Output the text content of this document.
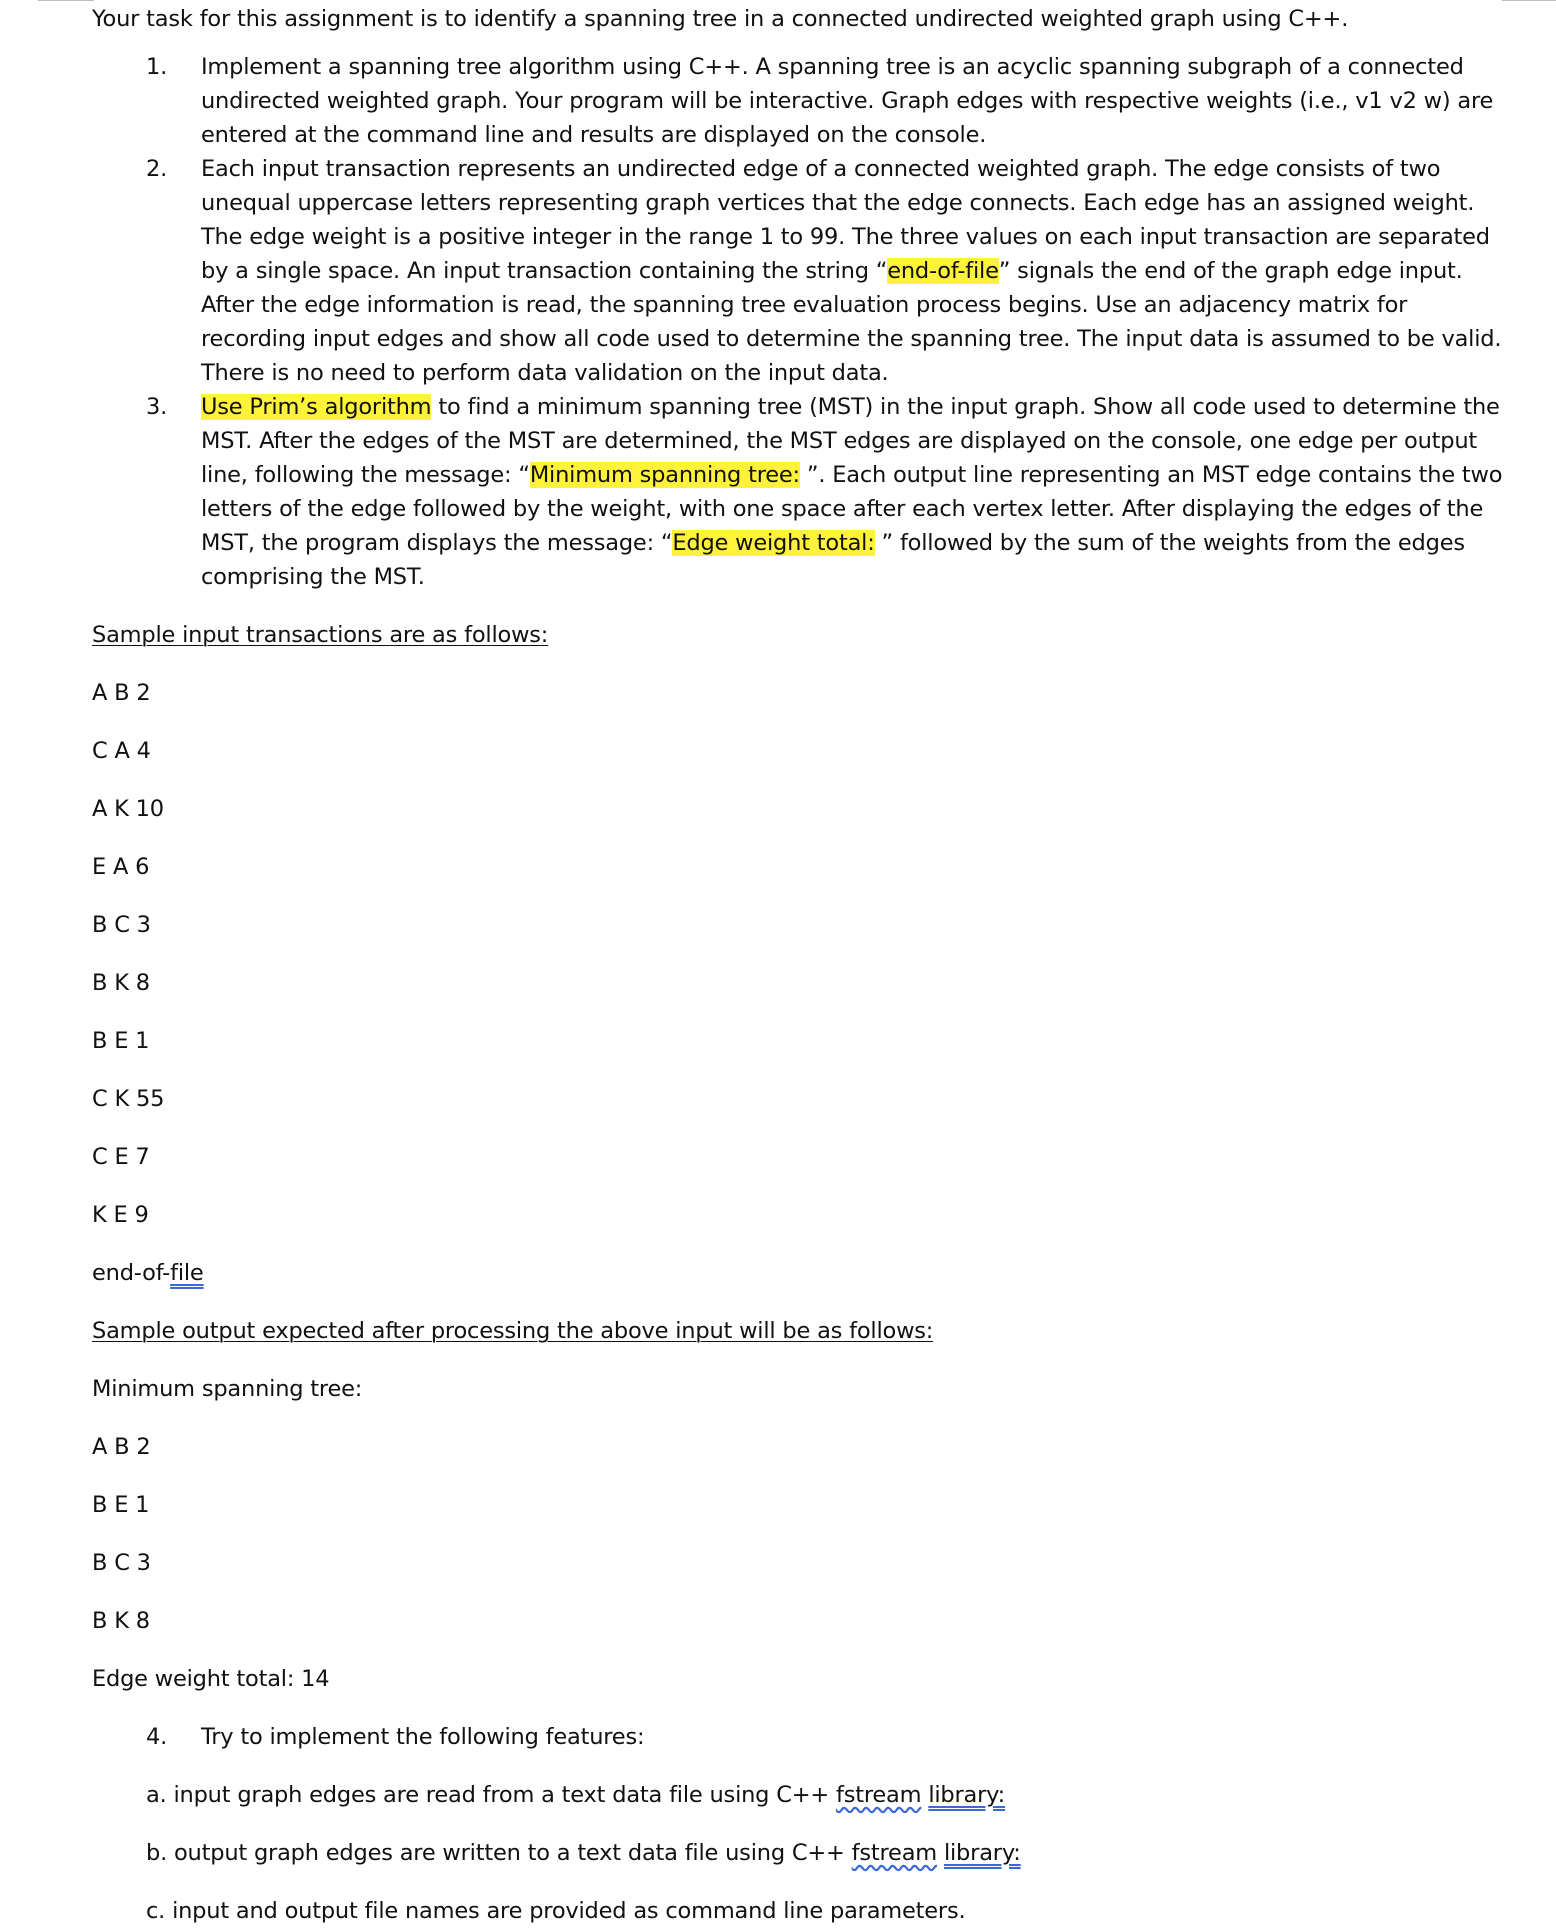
Your task for this assignment is to identify a spanning tree in a connected undirected weighted graph using C++.
1. Implement a spanning tree algorithm using C++. A spanning tree is an acyclic spanning subgraph of a connected undirected weighted graph. Your program will be interactive. Graph edges with respective weights (i.e., v1 v2 w) are entered at the command line and results are displayed on the console.
2. Each input transaction represents an undirected edge of a connected weighted graph. The edge consists of two unequal uppercase letters representing graph vertices that the edge connects. Each edge has an assigned weight. The edge weight is a positive integer in the range 1 to 99. The three values on each input transaction are separated by a single space. An input transaction containing the string “end-of-file” signals the end of the graph edge input. After the edge information is read, the spanning tree evaluation process begins. Use an adjacency matrix for recording input edges and show all code used to determine the spanning tree. The input data is assumed to be valid. There is no need to perform data validation on the input data.
3. Use Prim’s algorithm to find a minimum spanning tree (MST) in the input graph. Show all code used to determine the MST. After the edges of the MST are determined, the MST edges are displayed on the console, one edge per output line, following the message: “Minimum spanning tree: ”. Each output line representing an MST edge contains the two letters of the edge followed by the weight, with one space after each vertex letter. After displaying the edges of the MST, the program displays the message: “Edge weight total: ” followed by the sum of the weights from the edges comprising the MST.
Sample input transactions are as follows:
A B 2
C A 4
A K 10
E A 6
B C 3
B K 8
B E 1
C K 55
C E 7
K E 9
end-of-file
Sample output expected after processing the above input will be as follows:
Minimum spanning tree:
A B 2
B E 1
B C 3
B K 8
Edge weight total: 14
4. Try to implement the following features:
a. input graph edges are read from a text data file using C++ fstream library:
b. output graph edges are written to a text data file using C++ fstream library:
c. input and output file names are provided as command line parameters.
